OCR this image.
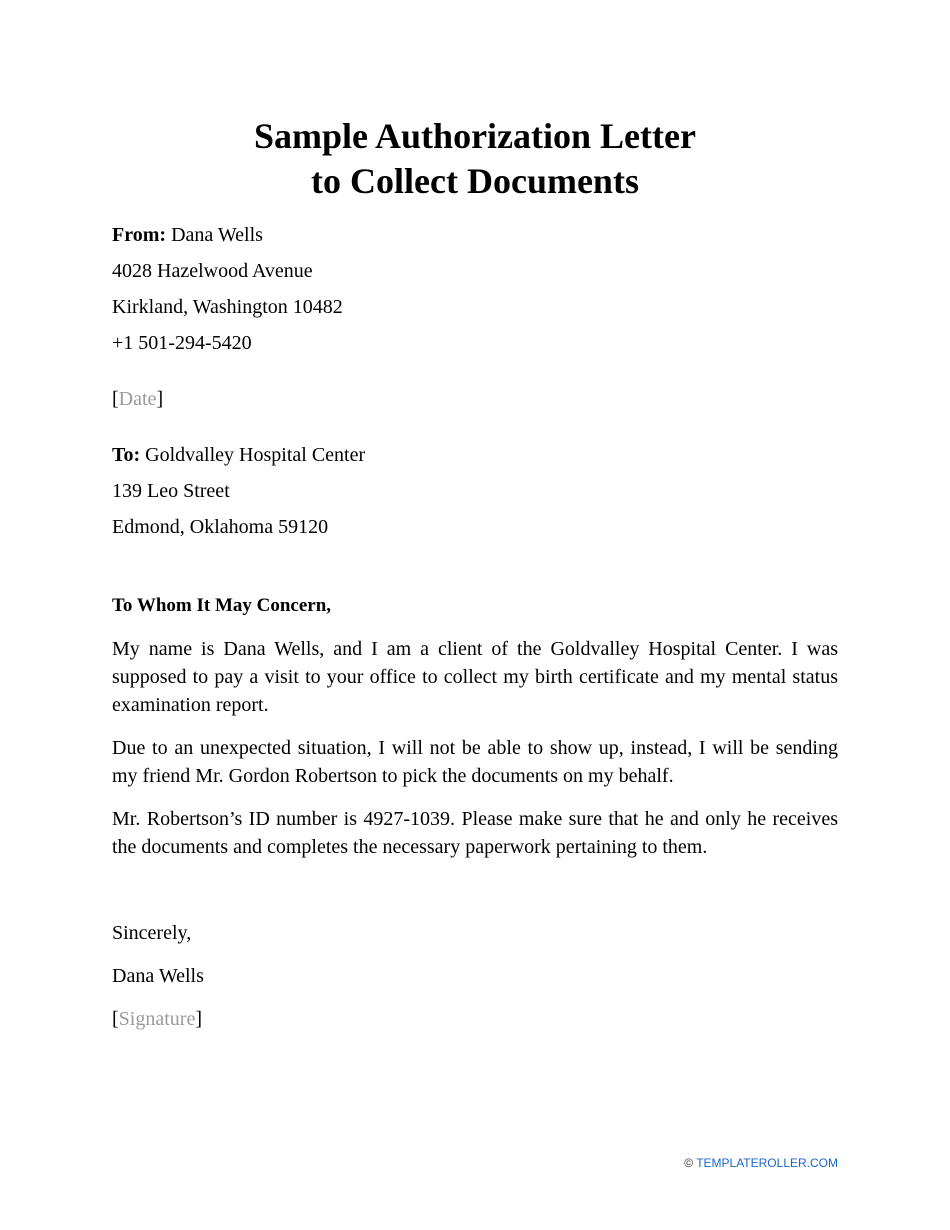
Sample Authorization Letter
to Collect Documents
From: Dana Wells
4028 Hazelwood Avenue
Kirkland, Washington 10482
+1 501-294-5420
[Date]
To: Goldvalley Hospital Center
139 Leo Street
Edmond, Oklahoma 59120
To Whom It May Concern,

My name is Dana Wells, and I am a client of the Goldvalley Hospital Center. I was supposed to pay a visit to your office to collect my birth certificate and my mental status examination report.

Due to an unexpected situation, I will not be able to show up, instead, I will be sending my friend Mr. Gordon Robertson to pick the documents on my behalf.

Mr. Robertson’s ID number is 4927-1039. Please make sure that he and only he receives the documents and completes the necessary paperwork pertaining to them.

Sincerely,
Dana Wells
[Signature]
© TEMPLATEROLLER.COM
